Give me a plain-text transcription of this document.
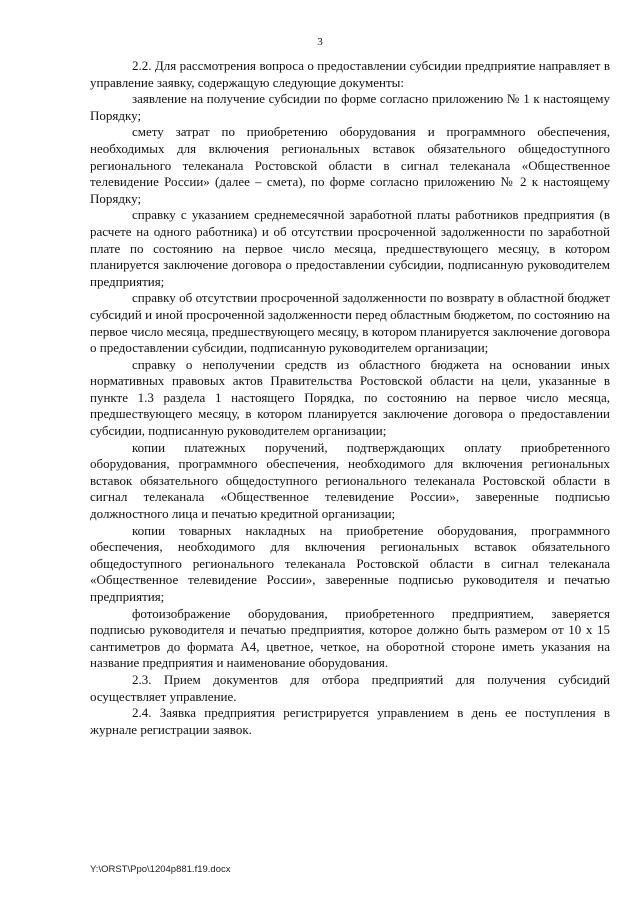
3

2.2. Для рассмотрения вопроса о предоставлении субсидии предприятие направляет в управление заявку, содержащую следующие документы:

заявление на получение субсидии по форме согласно приложению № 1 к настоящему Порядку;

смету затрат по приобретению оборудования и программного обеспечения, необходимых для включения региональных вставок обязательного общедоступного регионального телеканала Ростовской области в сигнал телеканала «Общественное телевидение России» (далее – смета), по форме согласно приложению № 2 к настоящему Порядку;

справку с указанием среднемесячной заработной платы работников предприятия (в расчете на одного работника) и об отсутствии просроченной задолженности по заработной плате по состоянию на первое число месяца, предшествующего месяцу, в котором планируется заключение договора о предоставлении субсидии, подписанную руководителем предприятия;

справку об отсутствии просроченной задолженности по возврату в областной бюджет субсидий и иной просроченной задолженности перед областным бюджетом, по состоянию на первое число месяца, предшествующего месяцу, в котором планируется заключение договора о предоставлении субсидии, подписанную руководителем организации;

справку о неполучении средств из областного бюджета на основании иных нормативных правовых актов Правительства Ростовской области на цели, указанные в пункте 1.3 раздела 1 настоящего Порядка, по состоянию на первое число месяца, предшествующего месяцу, в котором планируется заключение договора о предоставлении субсидии, подписанную руководителем организации;

копии платежных поручений, подтверждающих оплату приобретенного оборудования, программного обеспечения, необходимого для включения региональных вставок обязательного общедоступного регионального телеканала Ростовской области в сигнал телеканала «Общественное телевидение России», заверенные подписью должностного лица и печатью кредитной организации;

копии товарных накладных на приобретение оборудования, программного обеспечения, необходимого для включения региональных вставок обязательного общедоступного регионального телеканала Ростовской области в сигнал телеканала «Общественное телевидение России», заверенные подписью руководителя и печатью предприятия;

фотоизображение оборудования, приобретенного предприятием, заверяется подписью руководителя и печатью предприятия, которое должно быть размером от 10 х 15 сантиметров до формата А4, цветное, четкое, на оборотной стороне иметь указания на название предприятия и наименование оборудования.

2.3. Прием документов для отбора предприятий для получения субсидий осуществляет управление.

2.4. Заявка предприятия регистрируется управлением в день ее поступления в журнале регистрации заявок.

Y:\ORST\Ppo\1204p881.f19.docx
